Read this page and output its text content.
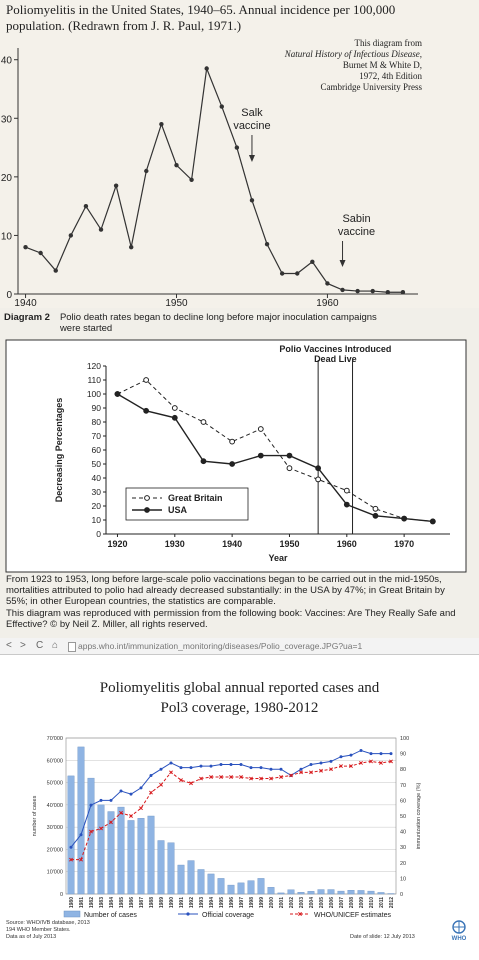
Poliomyelitis in the United States, 1940–65. Annual incidence per 100,000 population. (Redrawn from J. R. Paul, 1971.)
This diagram from
Natural History of Infectious Disease,
Burnet M & White D,
1972, 4th Edition
Cambridge University Press
0
10
20
30
40
1940	1950	1960
Salk
vaccine
Sabin
vaccine
Diagram 2 Polio death rates began to decline long before major inoculation campaigns were started
0
10
20
30
40
50
60
70
80
90
100
110
120
1920	1930	1940	1950	1960	1970
Year
Decreasing Percentages
Polio Vaccines Introduced
Dead Live
Great Britain
USA
From 1923 to 1953, long before large-scale polio vaccinations began to be carried out in the mid-1950s, mortalities attributed to polio had already decreased substantially: in the USA by 47%; in Great Britain by 55%; in other European countries, the statistics are comparable.
This diagram was reproduced with permission from the following book: Vaccines: Are They Really Safe and Effective? © by Neil Z. Miller, all rights reserved.
< > C ⌂ apps.who.int/immunization_monitoring/diseases/Polio_coverage.JPG?ua=1
Poliomyelitis global annual reported cases and
Pol3 coverage, 1980-2012
0
10'000
20'000
30'000
40'000
50'000
60'000
70'000
0
10
20
30
40
50
60
70
80
90
100
number of cases	immunization coverage (%)
1980 1981 1982 1983 1984 1985 1986 1987 1988 1989 1990 1991 1992 1993 1994 1995 1996 1997 1998 1999 2000 2001 2002 2003 2004 2005 2006 2007 2008 2009 2010 2011 2012
Number of cases	Official coverage	WHO/UNICEF estimates
Source: WHO/IVB database, 2013
194 WHO Member States.
Data as of July 2013	Date of slide: 12 July 2013	WHO
